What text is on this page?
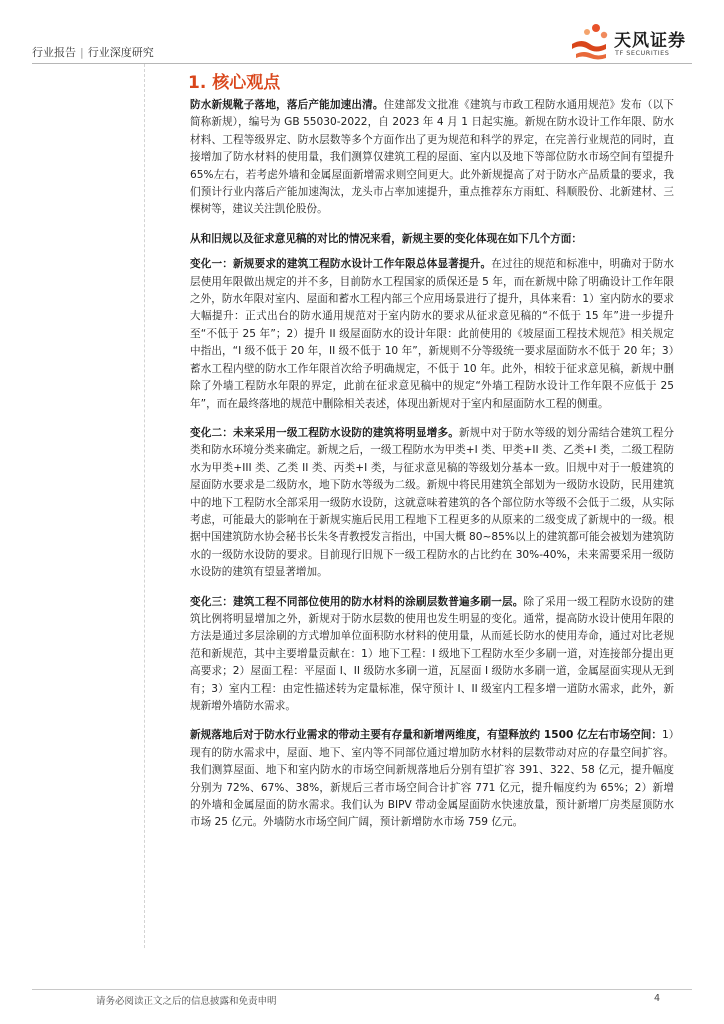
行业报告 | 行业深度研究
天风证券
TF SECURITIES
1. 核心观点

防水新规靴子落地，落后产能加速出清。住建部发文批准《建筑与市政工程防水通用规范》发布（以下简称新规），编号为 GB 55030-2022，自 2023 年 4 月 1 日起实施。新规在防水设计工作年限、防水材料、工程等级界定、防水层数等多个方面作出了更为规范和科学的界定，在完善行业规范的同时，直接增加了防水材料的使用量，我们测算仅建筑工程的屋面、室内以及地下等部位防水市场空间有望提升 65%左右，若考虑外墙和金属屋面新增需求则空间更大。此外新规提高了对于防水产品质量的要求，我们预计行业内落后产能加速淘汰，龙头市占率加速提升，重点推荐东方雨虹、科顺股份、北新建材、三棵树等，建议关注凯伦股份。

从和旧规以及征求意见稿的对比的情况来看，新规主要的变化体现在如下几个方面：

变化一：新规要求的建筑工程防水设计工作年限总体显著提升。在过往的规范和标准中，明确对于防水层使用年限做出规定的并不多，目前防水工程国家的质保还是 5 年，而在新规中除了明确设计工作年限之外，防水年限对室内、屋面和蓄水工程内部三个应用场景进行了提升，具体来看：1）室内防水的要求大幅提升：正式出台的防水通用规范对于室内防水的要求从征求意见稿的“不低于 15 年”进一步提升至“不低于 25 年”；2）提升 II 级屋面防水的设计年限：此前使用的《坡屋面工程技术规范》相关规定中指出，“I 级不低于 20 年，II 级不低于 10 年”，新规则不分等级统一要求屋面防水不低于 20 年；3）蓄水工程内壁的防水工作年限首次给予明确规定，不低于 10 年。此外，相较于征求意见稿，新规中删除了外墙工程防水年限的界定，此前在征求意见稿中的规定“外墙工程防水设计工作年限不应低于 25 年”，而在最终落地的规范中删除相关表述，体现出新规对于室内和屋面防水工程的侧重。

变化二：未来采用一级工程防水设防的建筑将明显增多。新规中对于防水等级的划分需结合建筑工程分类和防水环境分类来确定。新规之后，一级工程防水为甲类+I 类、甲类+II 类、乙类+I 类，二级工程防水为甲类+III 类、乙类 II 类、丙类+I 类，与征求意见稿的等级划分基本一致。旧规中对于一般建筑的屋面防水要求是二级防水，地下防水等级为二级。新规中将民用建筑全部划为一级防水设防，民用建筑中的地下工程防水全部采用一级防水设防，这就意味着建筑的各个部位防水等级不会低于二级，从实际考虑，可能最大的影响在于新规实施后民用工程地下工程更多的从原来的二级变成了新规中的一级。根据中国建筑防水协会秘书长朱冬青教授发言指出，中国大概 80~85%以上的建筑都可能会被划为建筑防水的一级防水设防的要求。目前现行旧规下一级工程防水的占比约在 30%-40%，未来需要采用一级防水设防的建筑有望显著增加。

变化三：建筑工程不同部位使用的防水材料的涂刷层数普遍多刷一层。除了采用一级工程防水设防的建筑比例将明显增加之外，新规对于防水层数的使用也发生明显的变化。通常，提高防水设计使用年限的方法是通过多层涂刷的方式增加单位面积防水材料的使用量，从而延长防水的使用寿命，通过对比老规范和新规范，其中主要增量贡献在：1）地下工程：I 级地下工程防水至少多刷一道，对连接部分提出更高要求；2）屋面工程：平屋面 I、II 级防水多刷一道，瓦屋面 I 级防水多刷一道，金属屋面实现从无到有；3）室内工程：由定性描述转为定量标准，保守预计 I、II 级室内工程多增一道防水需求，此外，新规新增外墙防水需求。

新规落地后对于防水行业需求的带动主要有存量和新增两维度，有望释放约 1500 亿左右市场空间：1）现有的防水需求中，屋面、地下、室内等不同部位通过增加防水材料的层数带动对应的存量空间扩容。我们测算屋面、地下和室内防水的市场空间新规落地后分别有望扩容 391、322、58 亿元，提升幅度分别为 72%、67%、38%，新规后三者市场空间合计扩容 771 亿元，提升幅度约为 65%；2）新增的外墙和金属屋面的防水需求。我们认为 BIPV 带动金属屋面防水快速放量，预计新增厂房类屋顶防水市场 25 亿元。外墙防水市场空间广阔，预计新增防水市场 759 亿元。

请务必阅读正文之后的信息披露和免责申明	4
